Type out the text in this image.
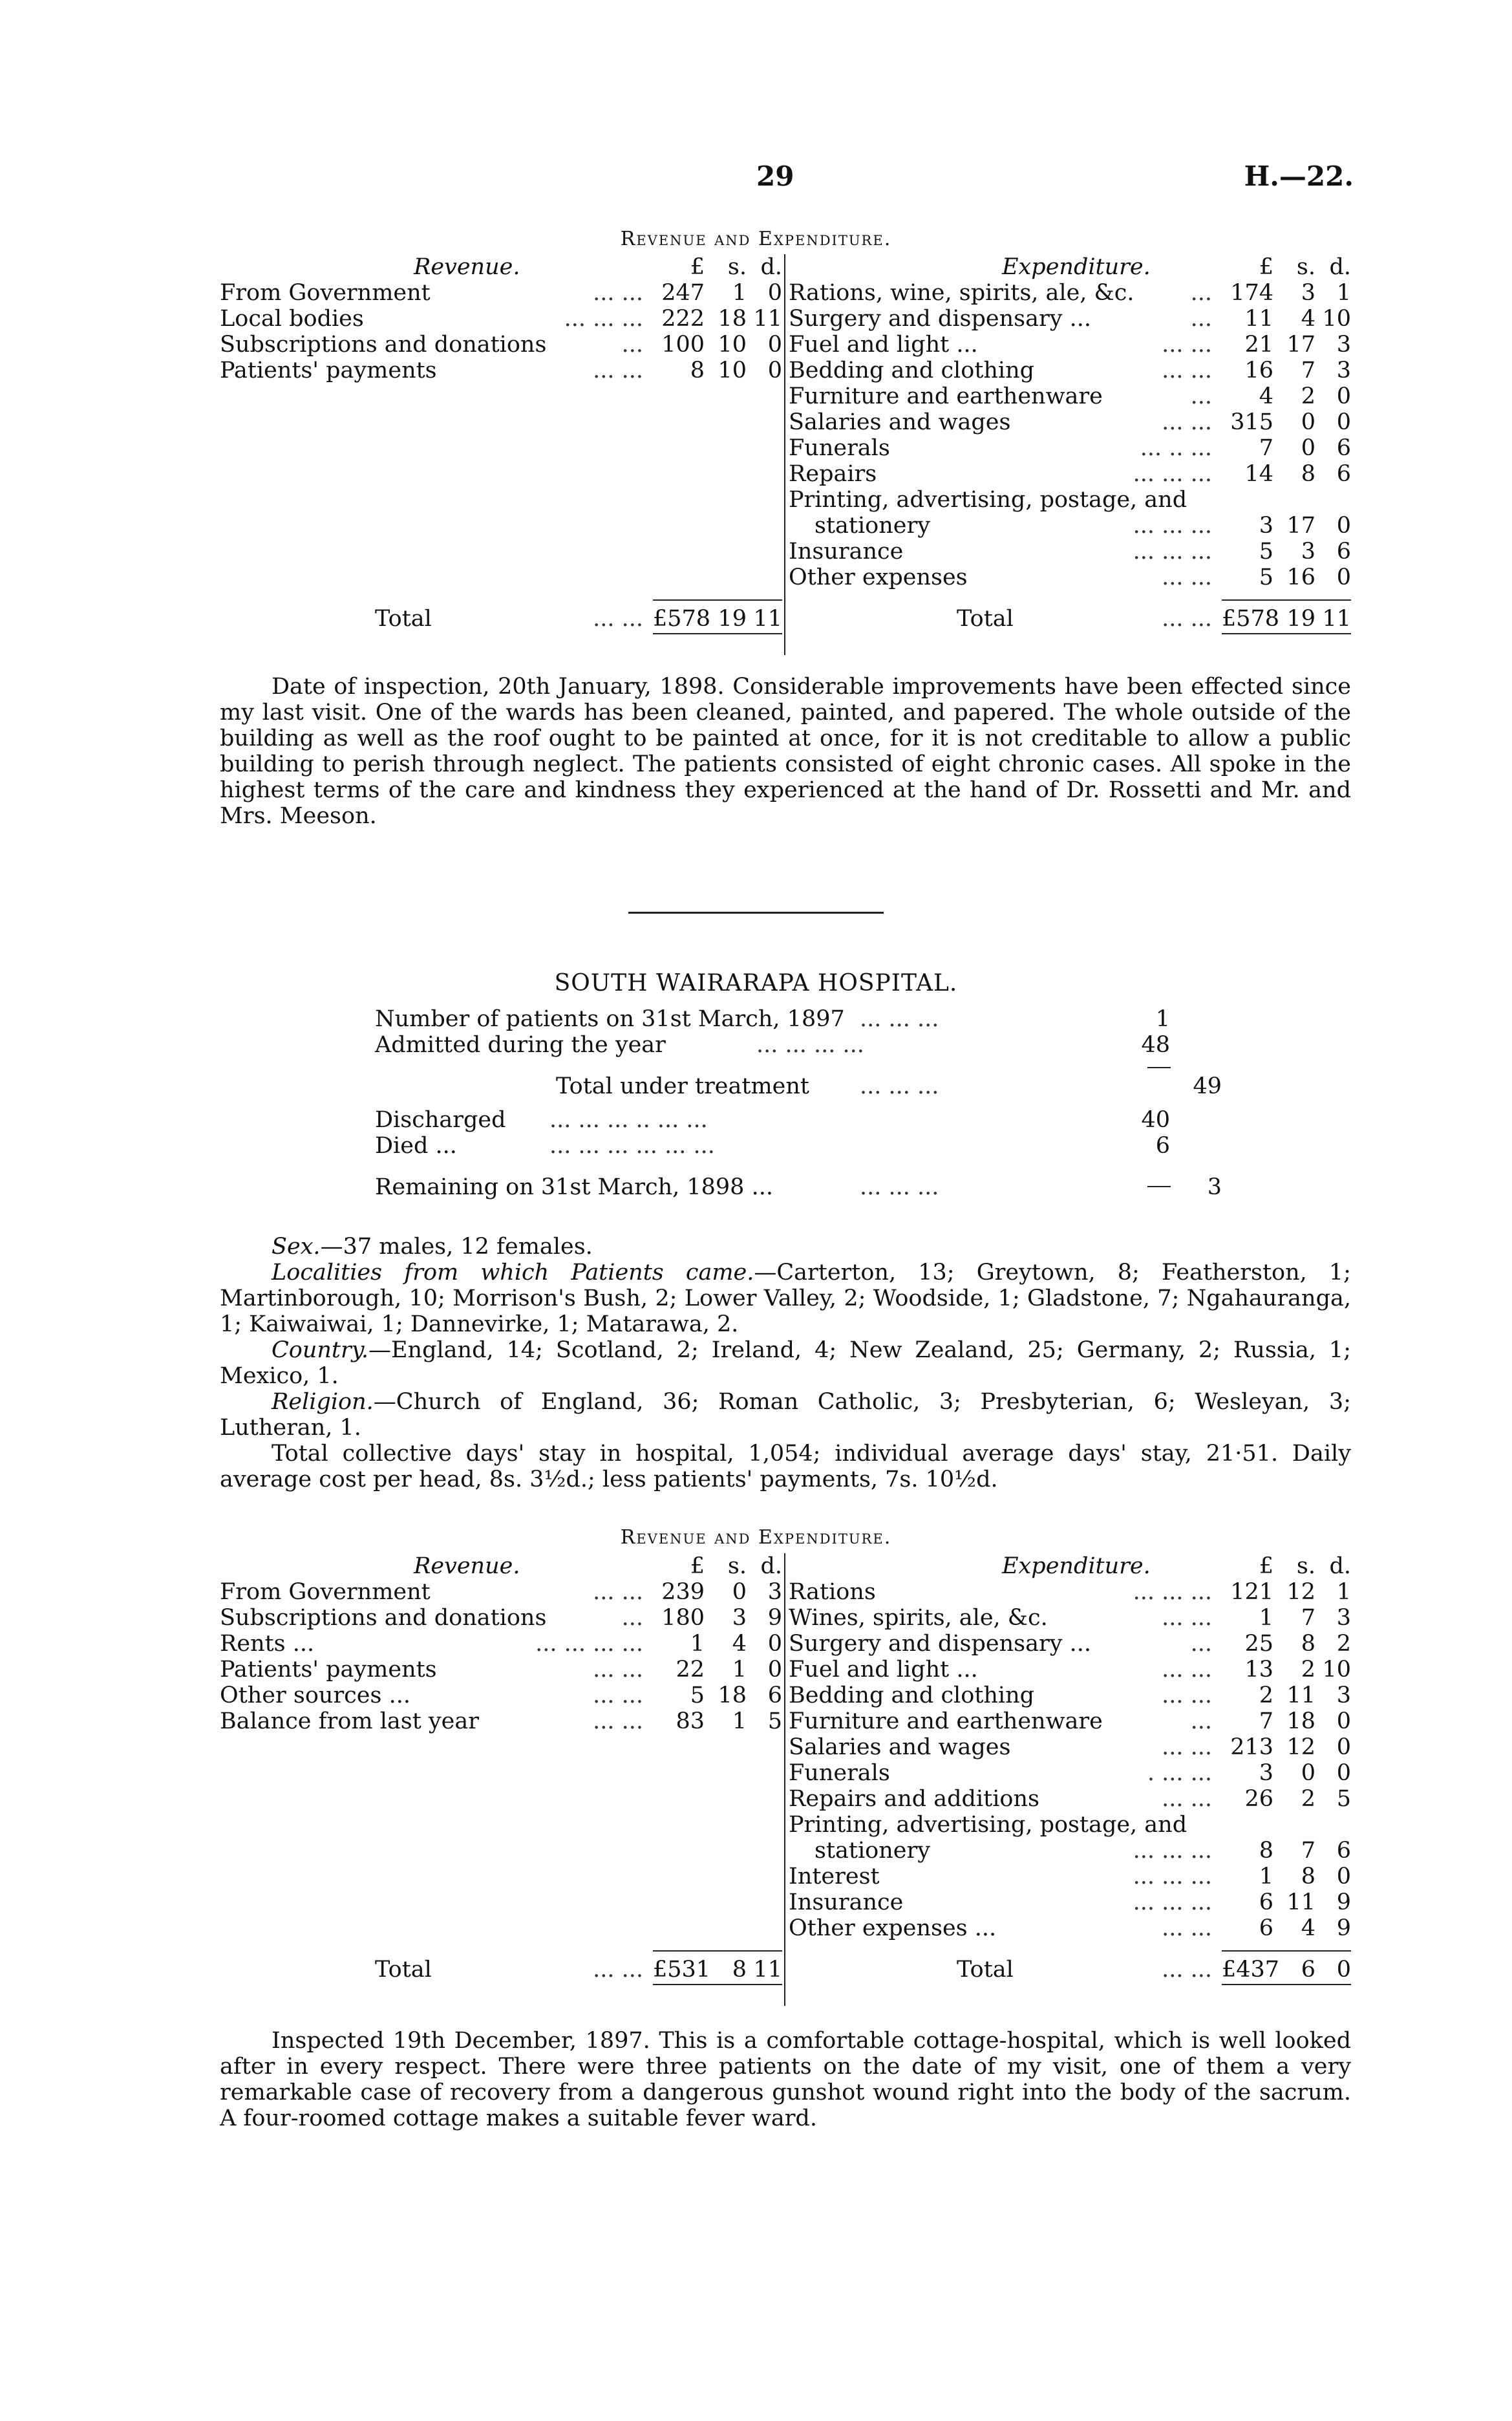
29	H.—22.
Revenue and Expenditure.
Revenue.	£	s. d.
From Government	... ... 247	1 0
Local bodies	... ... ... 222 18 11
Subscriptions and donations	... 100 10 0
Patients' payments	... ...	8 10 0
Total	... ... £578 19 11
Expenditure.	£	s. d.
Rations, wine, spirits, ale, &c. ... 174	3 1
Surgery and dispensary ...	...	11	4 10
Fuel and light ...	... ...	21 17 3
Bedding and clothing	... ...	16	7 3
Furniture and earthenware	...	4	2 0
Salaries and wages	... ... 315	0 0
Funerals	... .. ...	7	0 6
Repairs	... ... ...	14	8 6
Printing, advertising, postage, and
stationery	... ... ...	3 17 0
Insurance	... ... ...	5	3 6
Other expenses	... ...	5 16 0
Total	... ... £578 19 11

Date of inspection, 20th January, 1898. Considerable improvements have been effected since my last visit. One of the wards has been cleaned, painted, and papered. The whole outside of the building as well as the roof ought to be painted at once, for it is not creditable to allow a public building to perish through neglect. The patients consisted of eight chronic cases. All spoke in the highest terms of the care and kindness they experienced at the hand of Dr. Rossetti and Mr. and Mrs. Meeson.

SOUTH WAIRARAPA HOSPITAL.
Number of patients on 31st March, 1897 ... ... ...	1
Admitted during the year	... ... ... ...	48
Total under treatment ... ... ...	49
Discharged ... ... ... .. ... ...	40
Died ...	... ... ... ... ... ...	6
Remaining on 31st March, 1898 ...	... ... ...	3

Sex.—37 males, 12 females.

Localities from which Patients came.—Carterton, 13; Greytown, 8; Featherston, 1; Martinborough, 10; Morrison's Bush, 2; Lower Valley, 2; Woodside, 1; Gladstone, 7; Ngahauranga, 1; Kaiwaiwai, 1; Dannevirke, 1; Matarawa, 2.

Country.—England, 14; Scotland, 2; Ireland, 4; New Zealand, 25; Germany, 2; Russia, 1; Mexico, 1.

Religion.—Church of England, 36; Roman Catholic, 3; Presbyterian, 6; Wesleyan, 3; Lutheran, 1.

Total collective days' stay in hospital, 1,054; individual average days' stay, 21·51. Daily average cost per head, 8s. 3½d.; less patients' payments, 7s. 10½d.

Revenue and Expenditure.
Revenue.	£	s. d.
From Government	... ... 239	0 3
Subscriptions and donations	... 180	3 9
Rents ...	... ... ... ...	1	4 0
Patients' payments	... ...	22	1 0
Other sources ...	... ...	5 18 6
Balance from last year	... ...	83	1 5
Total	... ... £531 8 11
Expenditure.	£	s. d.
Rations	... ... ... 121 12 1
Wines, spirits, ale, &c.	... ...	1	7 3
Surgery and dispensary ...	...	25	8 2
Fuel and light ...	... ...	13	2 10
Bedding and clothing	... ...	2 11 3
Furniture and earthenware	...	7 18 0
Salaries and wages	... ... 213 12 0
Funerals	. ... ...	3	0 0
Repairs and additions	... ...	26	2 5
Printing, advertising, postage, and
stationery	... ... ...	8	7 6
Interest	... ... ...	1	8 0
Insurance	... ... ...	6 11 9
Other expenses ...	... ...	6	4 9
Total	... ... £437 6 0

Inspected 19th December, 1897. This is a comfortable cottage-hospital, which is well looked after in every respect. There were three patients on the date of my visit, one of them a very remarkable case of recovery from a dangerous gunshot wound right into the body of the sacrum. A four-roomed cottage makes a suitable fever ward.
